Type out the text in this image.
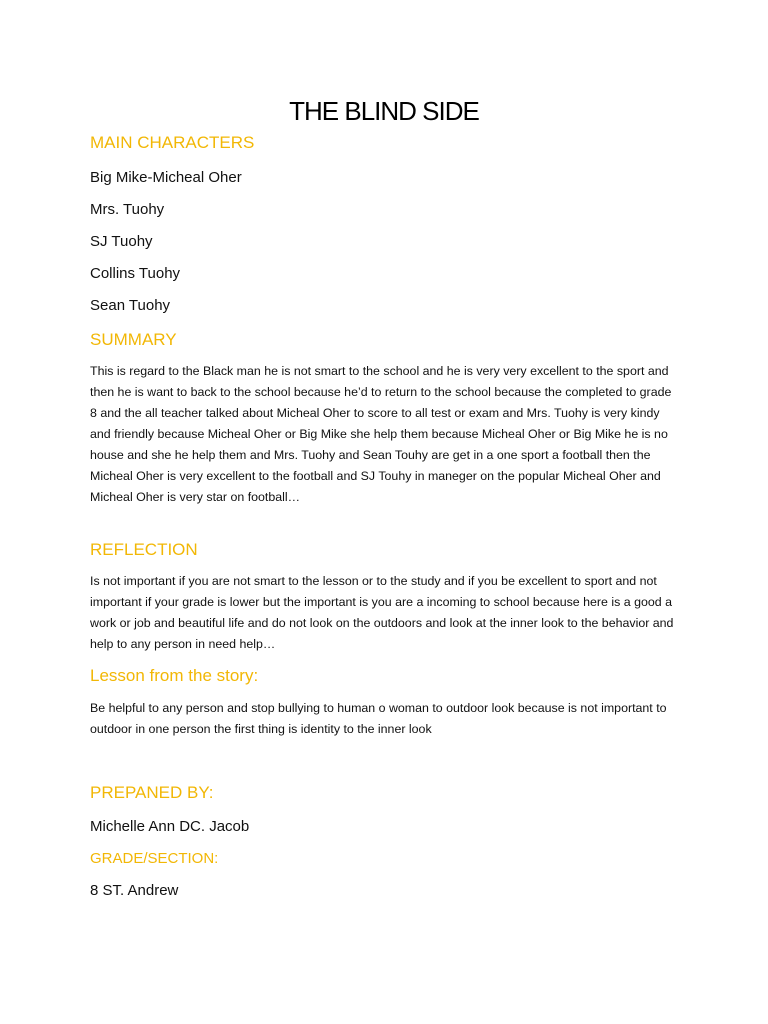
THE BLIND SIDE
MAIN CHARACTERS

Big Mike-Micheal Oher

Mrs. Tuohy

SJ Tuohy

Collins Tuohy

Sean Tuohy

SUMMARY

This is regard to the Black man he is not smart to the school and he is very very excellent to the sport and then he is want to back to the school because he’d to return to the school because the completed to grade 8 and the all teacher talked about Micheal Oher to score to all test or exam and Mrs. Tuohy is very kindy and friendly because Micheal Oher or Big Mike she help them because Micheal Oher or Big Mike he is no house and she he help them and Mrs. Tuohy and Sean Touhy are get in a one sport a football then the Micheal Oher is very excellent to the football and SJ Touhy in maneger on the popular Micheal Oher and Micheal Oher is very star on football…

REFLECTION

Is not important if you are not smart to the lesson or to the study and if you be excellent to sport and not important if your grade is lower but the important is you are a incoming to school because here is a good a work or job and beautiful life and do not look on the outdoors and look at the inner look to the behavior and help to any person in need help…

Lesson from the story:

Be helpful to any person and stop bullying to human o woman to outdoor look because is not important to outdoor in one person the first thing is identity to the inner look

PREPANED BY:

Michelle Ann DC. Jacob

GRADE/SECTION:

8 ST. Andrew
